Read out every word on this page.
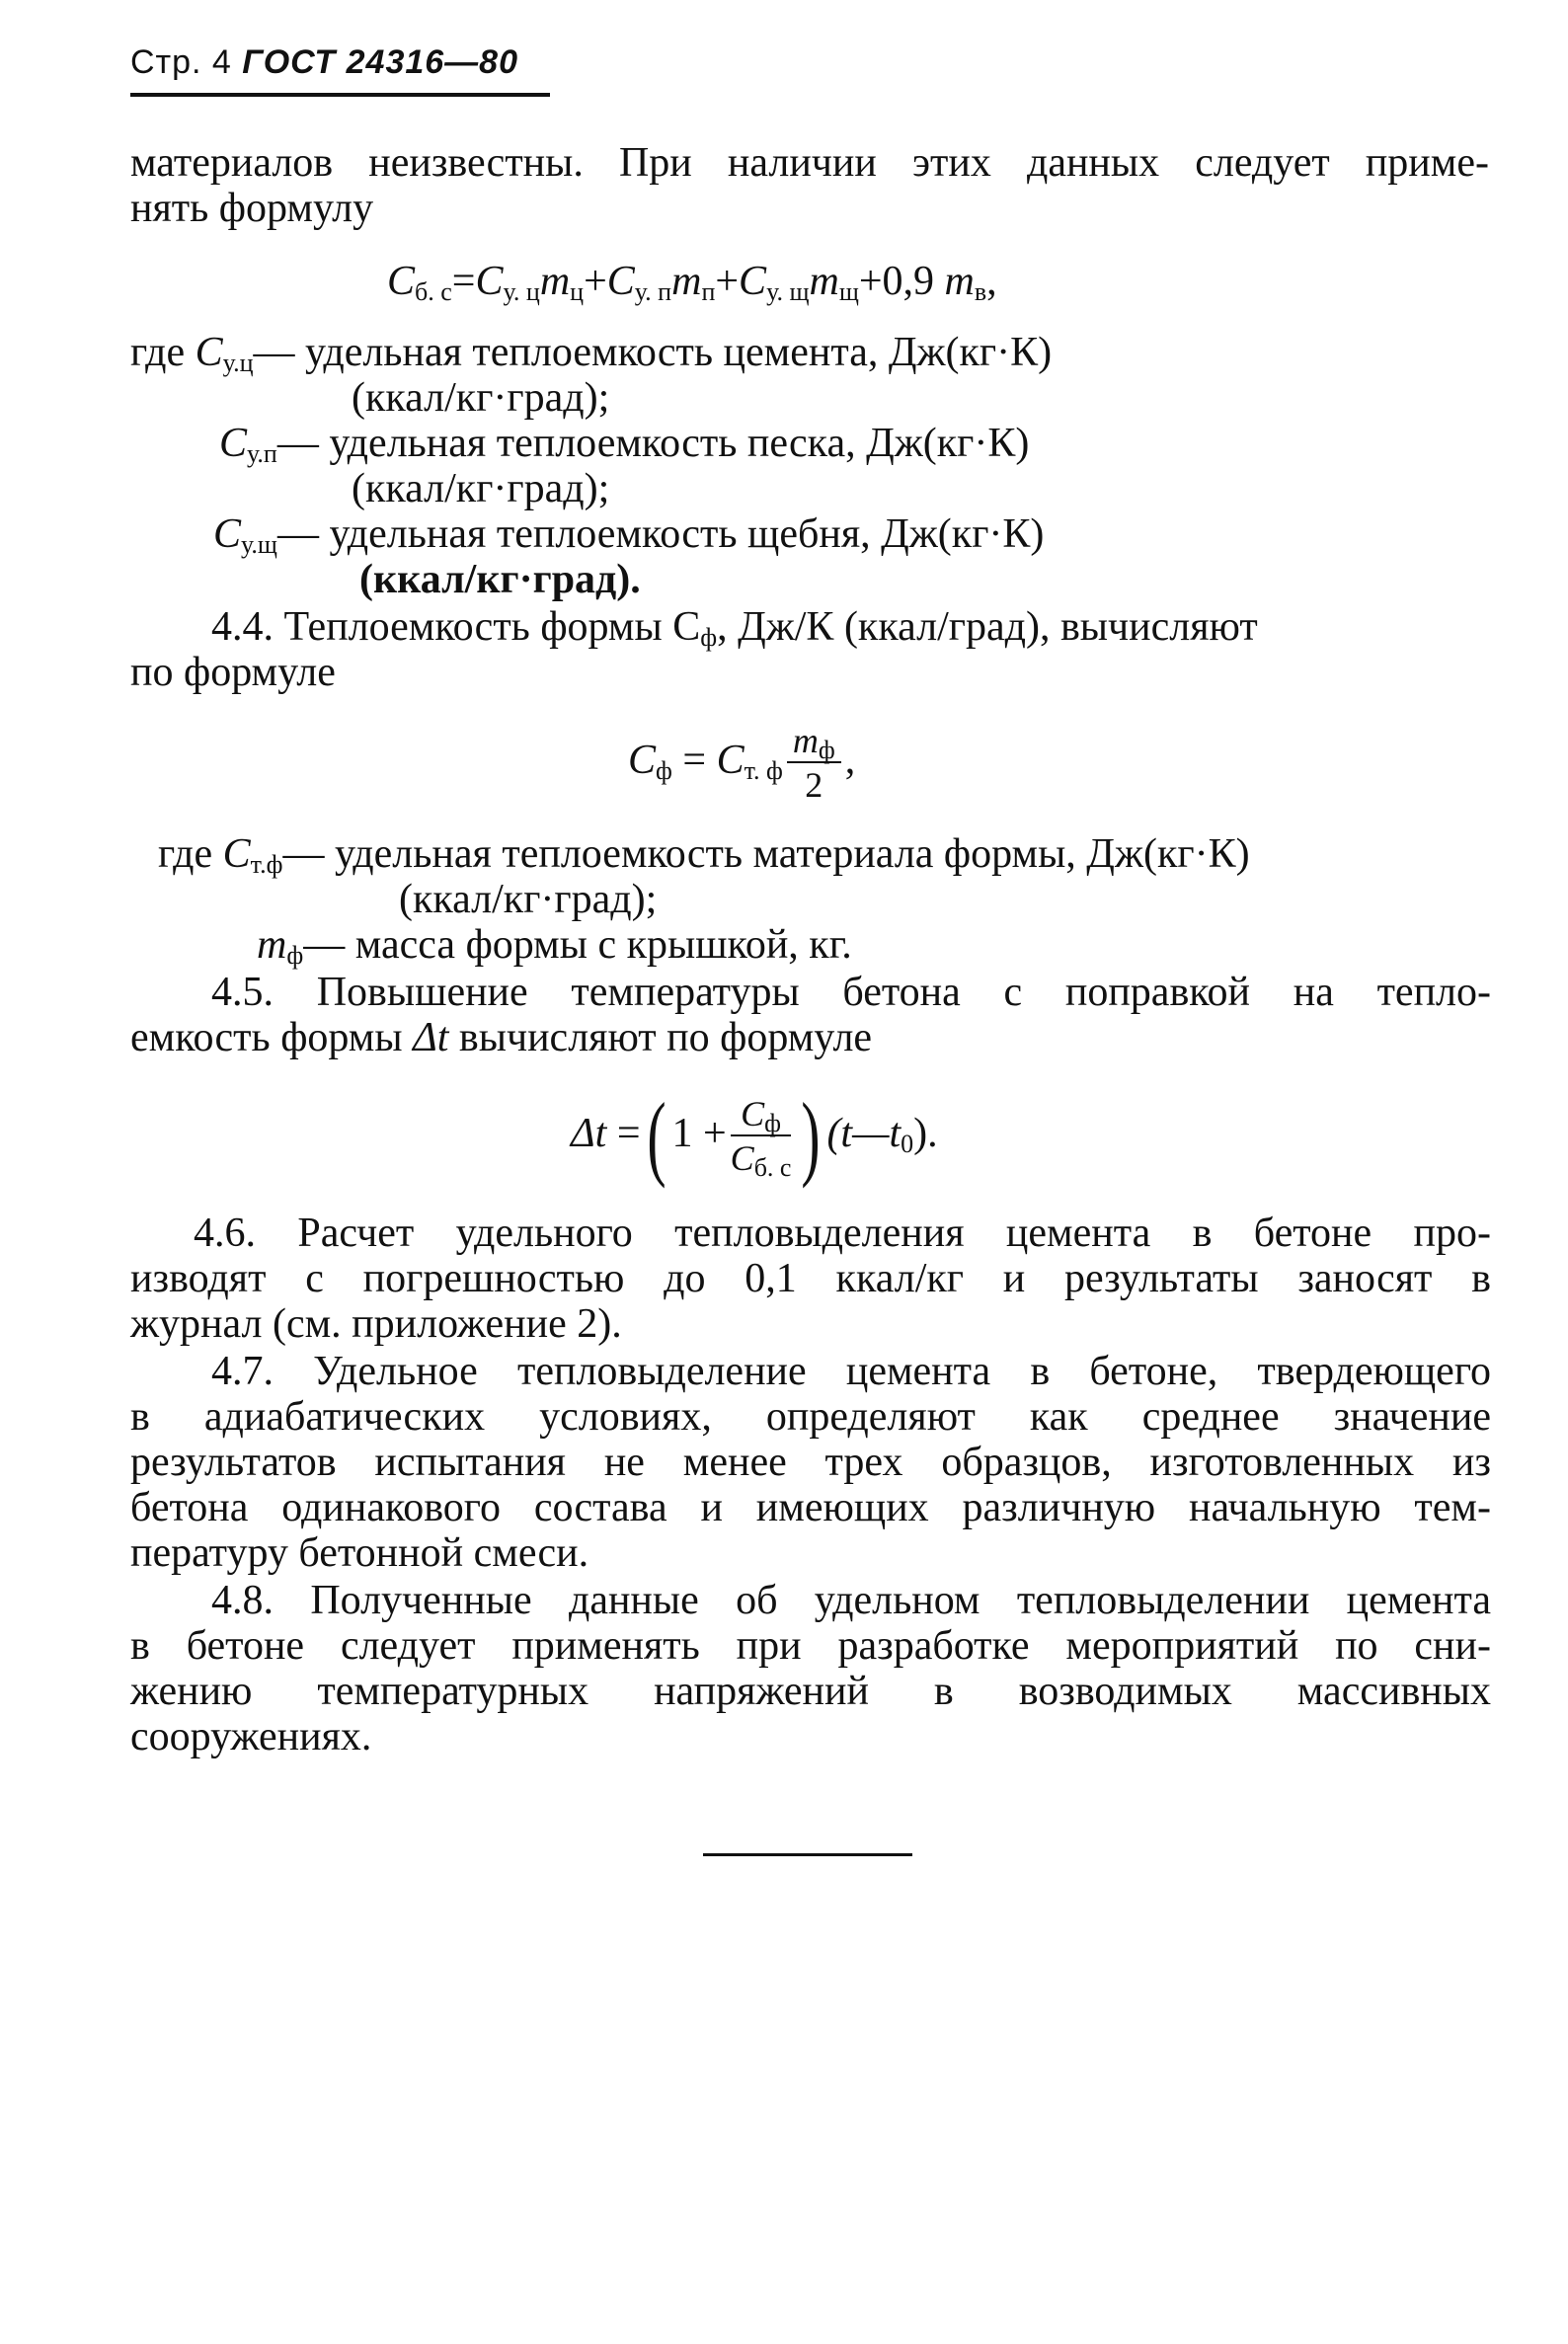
Стр. 4 ГОСТ 24316—80
материалов неизвестны. При наличии этих данных следует приме-
нять формулу
$C_{б. с}=C_{у. ц}m_ц+C_{у. п}m_п+C_{у. щ}m_щ+0,9$ $m_в$,
где $C_{у.ц}—$ удельная теплоемкость цемента, Дж(кг·К)
(ккал/кг·град);
$C_{у.п}—$ удельная теплоемкость песка, Дж(кг·К)
(ккал/кг·град);
$C_{у.щ}—$ удельная теплоемкость щебня, Дж(кг·К)
(ккал/кг·град).
4.4. Теплоемкость формы $C_ф$, Дж/К (ккал/град), вычисляют
по формуле
$C_ф = C_{т. ф} \frac{m_ф}{2}$ ,
где $C_{т.ф}—$ удельная теплоемкость материала формы, Дж(кг·К)
(ккал/кг·град);
$m_ф—$ масса формы с крышкой, кг.
4.5. Повышение температуры бетона с поправкой на тепло-
емкость формы Δt вычисляют по формуле
Δt =( $1 + \frac{C_ф}{C_{б. с}}$ ) $(t—t_0)$.
4.6. Расчет удельного тепловыделения цемента в бетоне про-
изводят с погрешностью до 0,1 ккал/кг и результаты заносят в
журнал (см. приложение 2).
4.7. Удельное тепловыделение цемента в бетоне, твердеющего
в адиабатических условиях, определяют как среднее значение
результатов испытания не менее трех образцов, изготовленных из
бетона одинакового состава и имеющих различную начальную тем-
пературу бетонной смеси.
4.8. Полученные данные об удельном тепловыделении цемента
в бетоне следует применять при разработке мероприятий по сни-
жению температурных напряжений в возводимых массивных
сооружениях.
